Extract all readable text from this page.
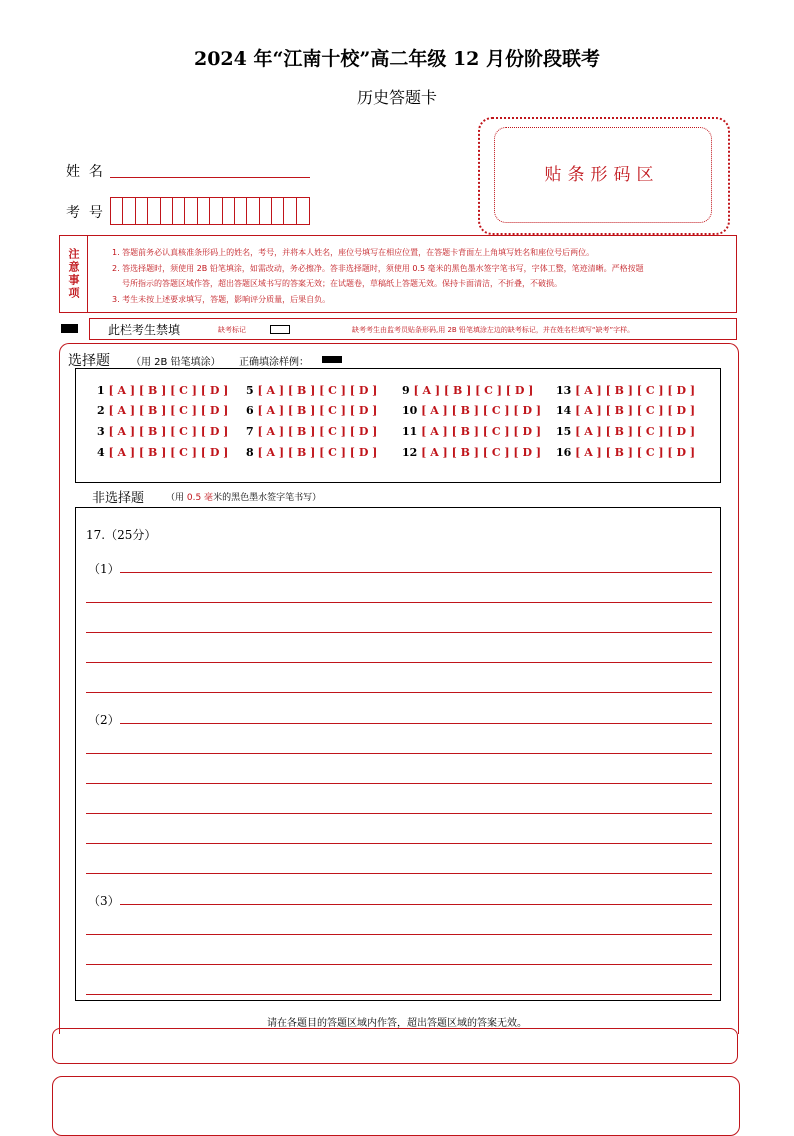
2024 年“江南十校”高二年级 12 月份阶段联考
历史答题卡
贴条形码区
姓  名
考  号
注意事项	1. 答题前务必认真核准条形码上的姓名，考号，并将本人姓名，座位号填写在相应位置，在答题卡背面左上角填写姓名和座位号后两位。
2. 答选择题时，须使用 2B 铅笔填涂，如需改动，务必擦净。答非选择题时，须使用 0.5 毫米的黑色墨水签字笔书写，字体工整，笔迹清晰。严格按题
号所指示的答题区域作答，超出答题区域书写的答案无效；在试题卷，草稿纸上答题无效。保持卡面清洁，不折叠，不破损。
3. 考生未按上述要求填写，答题，影响评分质量，后果自负。
此栏考生禁填	缺考标记	缺考考生由监考员贴条形码,用 2B 铅笔填涂左边的缺考标记，并在姓名栏填写“缺考”字样。
选择题 （用 2B 铅笔填涂） 正确填涂样例：
1 [ A ] [ B ] [ C ] [ D ]
2 [ A ] [ B ] [ C ] [ D ]
3 [ A ] [ B ] [ C ] [ D ]
4 [ A ] [ B ] [ C ] [ D ]
5 [ A ] [ B ] [ C ] [ D ]
6 [ A ] [ B ] [ C ] [ D ]
7 [ A ] [ B ] [ C ] [ D ]
8 [ A ] [ B ] [ C ] [ D ]
9 [ A ] [ B ] [ C ] [ D ]
10 [ A ] [ B ] [ C ] [ D ]
11 [ A ] [ B ] [ C ] [ D ]
12 [ A ] [ B ] [ C ] [ D ]
13 [ A ] [ B ] [ C ] [ D ]
14 [ A ] [ B ] [ C ] [ D ]
15 [ A ] [ B ] [ C ] [ D ]
16 [ A ] [ B ] [ C ] [ D ]
非选择题 （用 0.5 毫米的黑色墨水签字笔书写）
17.（25分）
（1）
（2）
（3）
请在各题目的答题区域内作答，超出答题区域的答案无效。
